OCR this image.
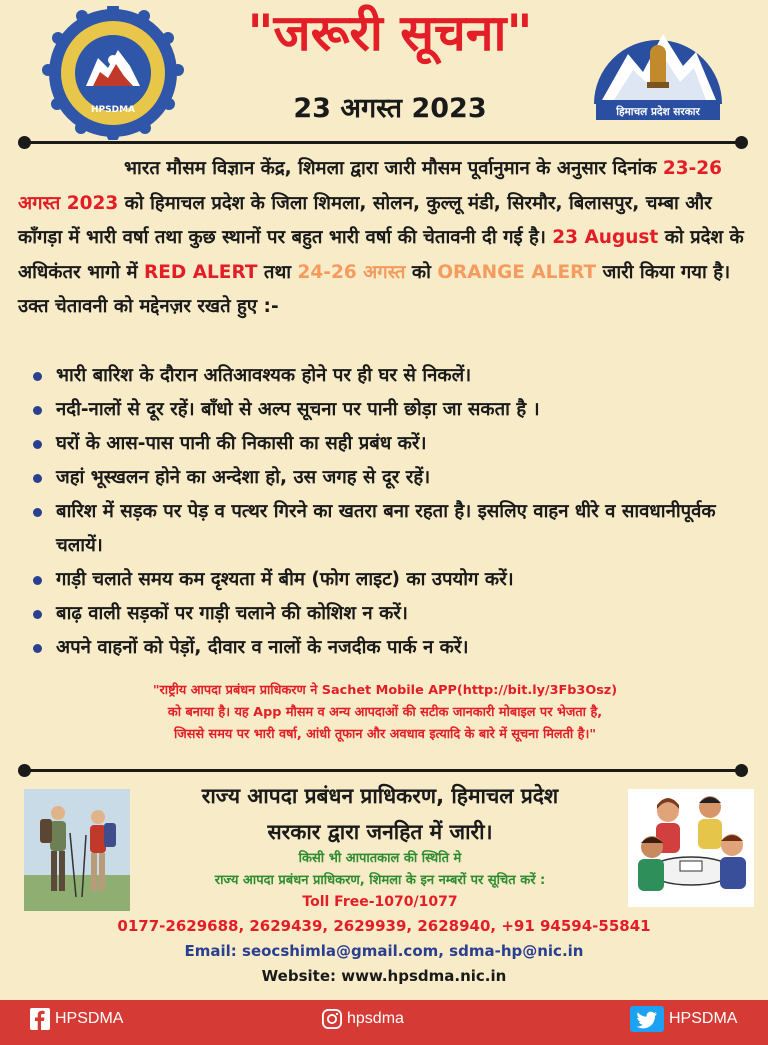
HPSDMA
"जरूरी सूचना"
23 अगस्त 2023	हिमाचल प्रदेश सरकार

भारत मौसम विज्ञान केंद्र, शिमला द्वारा जारी मौसम पूर्वानुमान के अनुसार दिनांक 23-26 अगस्त 2023 को हिमाचल प्रदेश के जिला शिमला, सोलन, कुल्लू मंडी, सिरमौर, बिलासपुर, चम्बा और काँगड़ा में भारी वर्षा तथा कुछ स्थानों पर बहुत भारी वर्षा की चेतावनी दी गई है। 23 August को प्रदेश के अधिकंतर भागो में RED ALERT तथा 24-26 अगस्त को ORANGE ALERT जारी किया गया है। उक्त चेतावनी को मद्देनज़र रखते हुए :-

भारी बारिश के दौरान अतिआवश्यक होने पर ही घर से निकलें।
नदी-नालों से दूर रहें। बाँधो से अल्प सूचना पर पानी छोड़ा जा सकता है ।
घरों के आस-पास पानी की निकासी का सही प्रबंध करें।
जहां भूस्खलन होने का अन्देशा हो, उस जगह से दूर रहें।
बारिश में सड़क पर पेड़ व पत्थर गिरने का खतरा बना रहता है। इसलिए वाहन धीरे व सावधानीपूर्वक चलायें।
गाड़ी चलाते समय कम दृश्यता में बीम (फोग लाइट) का उपयोग करें।
बाढ़ वाली सड़कों पर गाड़ी चलाने की कोशिश न करें।
अपने वाहनों को पेड़ों, दीवार व नालों के नजदीक पार्क न करें।
"राष्ट्रीय आपदा प्रबंधन प्राधिकरण ने Sachet Mobile APP(http://bit.ly/3Fb3Osz)
को बनाया है। यह App मौसम व अन्य आपदाओं की सटीक जानकारी मोबाइल पर भेजता है,
जिससे समय पर भारी वर्षा, आंधी तूफान और अवधाव इत्यादि के बारे में सूचना मिलती है।"
राज्य आपदा प्रबंधन प्राधिकरण, हिमाचल प्रदेश
सरकार द्वारा जनहित में जारी।
किसी भी आपातकाल की स्थिति मे
राज्य आपदा प्रबंधन प्राधिकरण, शिमला के इन नम्बरों पर सूचित करें :
Toll Free-1070/1077
0177-2629688, 2629439, 2629939, 2628940, +91 94594-55841
Email: seocshimla@gmail.com, sdma-hp@nic.in
Website: www.hpsdma.nic.in
HPSDMA	hpsdma	HPSDMA
